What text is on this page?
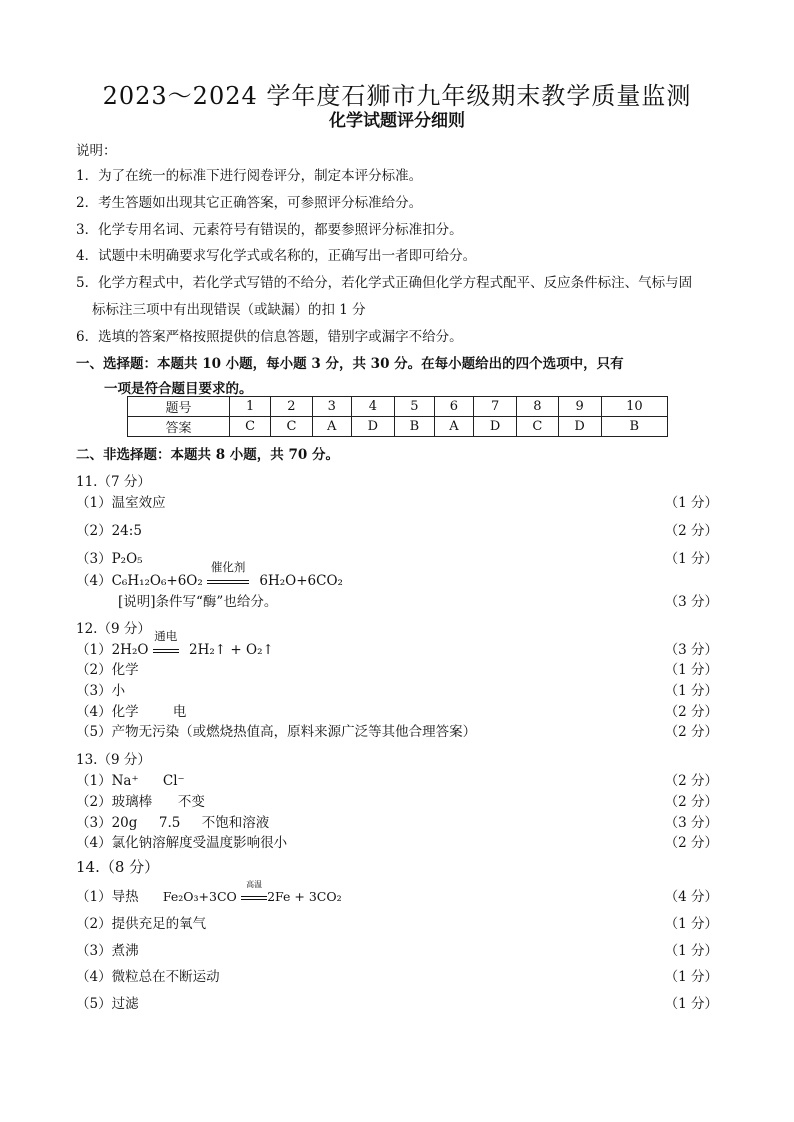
2023～2024 学年度石狮市九年级期末教学质量监测
化学试题评分细则
说明：
1．为了在统一的标准下进行阅卷评分，制定本评分标准。
2．考生答题如出现其它正确答案，可参照评分标准给分。
3．化学专用名词、元素符号有错误的，都要参照评分标准扣分。
4．试题中未明确要求写化学式或名称的，正确写出一者即可给分。
5．化学方程式中，若化学式写错的不给分，若化学式正确但化学方程式配平、反应条件标注、气标与固
标标注三项中有出现错误（或缺漏）的扣 1 分
6．选填的答案严格按照提供的信息答题，错别字或漏字不给分。
一、选择题：本题共 10 小题，每小题 3 分，共 30 分。在每小题给出的四个选项中，只有
一项是符合题目要求的。
题号	1	2	3	4	5	6	7	8	9	10
答案	C	C	A	D	B	A	D	C	D	B
二、非选择题：本题共 8 小题，共 70 分。
11.（7 分）
（1）温室效应	（1 分）
（2）24:5	（2 分）
（3）P₂O₅	（1 分）
（4）C₆H₁₂O₆+6O₂
催化剂
6H₂O+6CO₂
[说明]条件写“酶”也给分。	（3 分）
12.（9 分）
（1）2H₂O
通电
2H₂↑ + O₂↑	（3 分）
（2）化学	（1 分）
（3）小	（1 分）
（4）化学        电	（2 分）
（5）产物无污染（或燃烧热值高，原料来源广泛等其他合理答案）	（2 分）
13.（9 分）
（1）Na⁺ Cl⁻	（2 分）
（2）玻璃棒      不变	（2 分）
（3）20g     7.5     不饱和溶液	（3 分）
（4）氯化钠溶解度受温度影响很小	（2 分）
14.（8 分）
（1）导热 Fe₂O₃+3CO
高温
2Fe + 3CO₂	（4 分）
（2）提供充足的氧气	（1 分）
（3）煮沸	（1 分）
（4）微粒总在不断运动	（1 分）
（5）过滤	（1 分）
